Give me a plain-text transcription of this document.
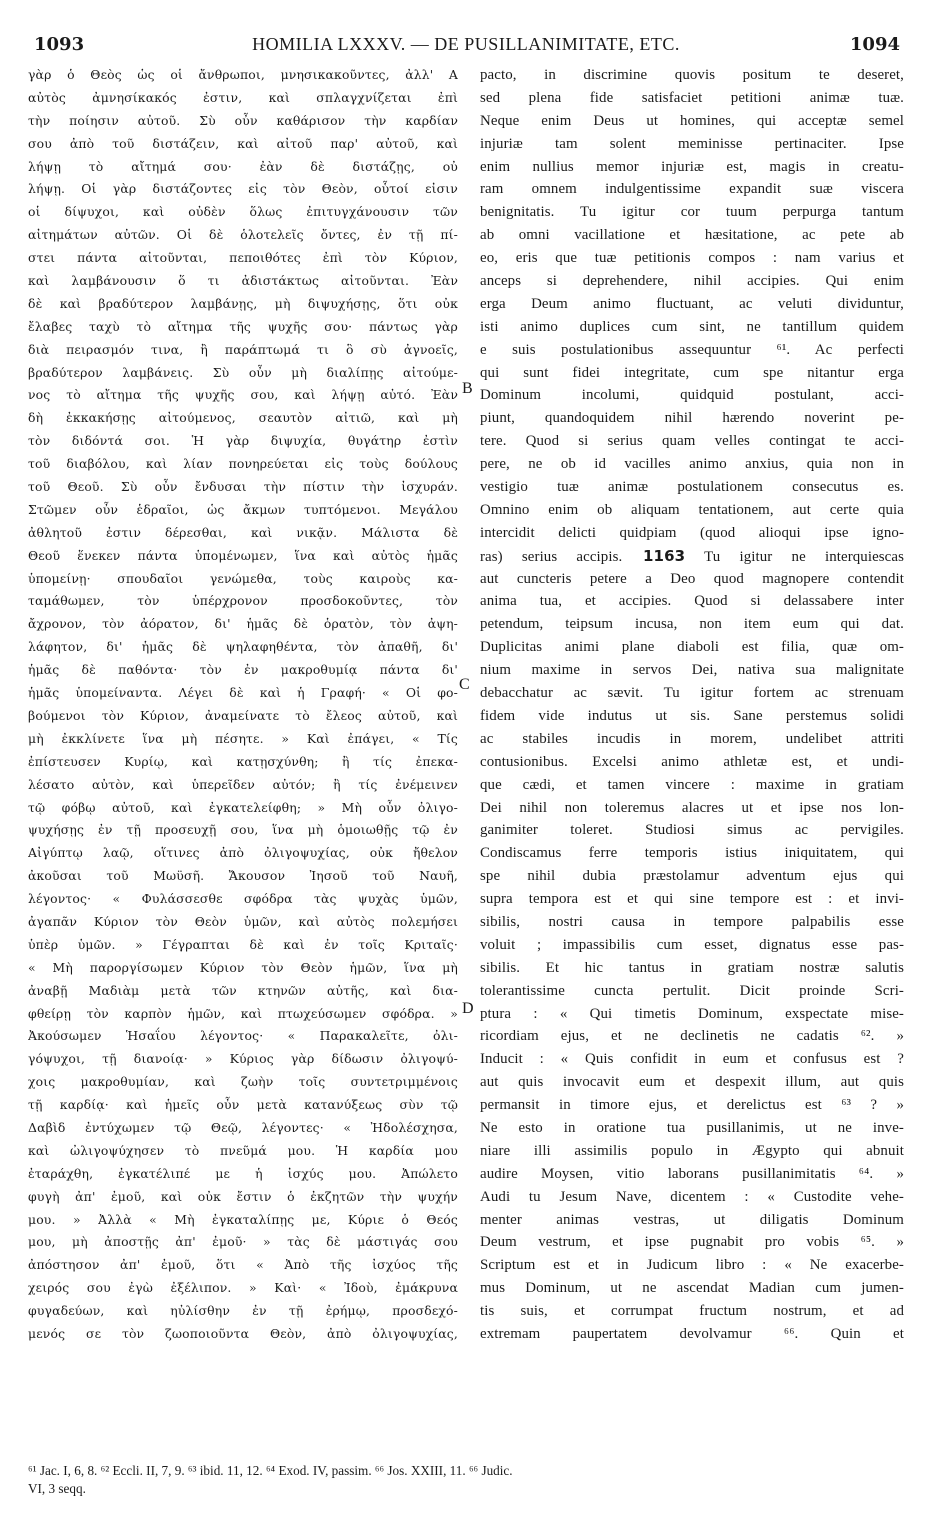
1093	HOMILIA LXXXV. — DE PUSILLANIMITATE, ETC.	1094
γὰρ ὁ Θεὸς ὡς οἱ ἄνθρωποι, μνησικακοῦντες, ἀλλ' A
αὐτὸς ἀμνησίκακός ἐστιν, καὶ σπλαγχνίζεται ἐπὶ
τὴν ποίησιν αὐτοῦ. Σὺ οὖν καθάρισον τὴν καρδίαν
σου ἀπὸ τοῦ διστάζειν, καὶ αἰτοῦ παρ' αὐτοῦ, καὶ
λήψῃ τὸ αἴτημά σου· ἐὰν δὲ διστάζῃς, οὐ
λήψῃ. Οἱ γὰρ διστάζοντες εἰς τὸν Θεὸν, οὗτοί εἰσιν
οἱ δίψυχοι, καὶ οὐδὲν ὅλως ἐπιτυγχάνουσιν τῶν
αἰτημάτων αὐτῶν. Οἱ δὲ ὁλοτελεῖς ὄντες, ἐν τῇ πί-
στει πάντα αἰτοῦνται, πεποιθότες ἐπὶ τὸν Κύριον,
καὶ λαμβάνουσιν ὅ τι ἀδιστάκτως αἰτοῦνται. Ἐὰν
δὲ καὶ βραδύτερον λαμβάνῃς, μὴ διψυχήσῃς, ὅτι οὐκ
ἔλαβες ταχὺ τὸ αἴτημα τῆς ψυχῆς σου· πάντως γὰρ
διὰ πειρασμόν τινα, ἢ παράπτωμά τι ὃ σὺ ἀγνοεῖς,
βραδύτερον λαμβάνεις. Σὺ οὖν μὴ διαλίπῃς αἰτούμε-
νος τὸ αἴτημα τῆς ψυχῆς σου, καὶ λήψῃ αὐτό. Ἐὰν
δὴ ἐκκακήσῃς αἰτούμενος, σεαυτὸν αἰτιῶ, καὶ μὴ
τὸν διδόντά σοι. Ἡ γὰρ διψυχία, θυγάτηρ ἐστὶν
τοῦ διαβόλου, καὶ λίαν πονηρεύεται εἰς τοὺς δούλους
τοῦ Θεοῦ. Σὺ οὖν ἔνδυσαι τὴν πίστιν τὴν ἰσχυράν.
Στῶμεν οὖν ἑδραῖοι, ὡς ἄκμων τυπτόμενοι. Μεγάλου
ἀθλητοῦ ἐστιν δέρεσθαι, καὶ νικᾷν. Μάλιστα δὲ
Θεοῦ ἕνεκεν πάντα ὑπομένωμεν, ἵνα καὶ αὐτὸς ἡμᾶς
ὑπομείνῃ· σπουδαῖοι γενώμεθα, τοὺς καιροὺς κα-
ταμάθωμεν, τὸν ὑπέρχρονον προσδοκοῦντες, τὸν
ἄχρονον, τὸν ἀόρατον, δι' ἡμᾶς δὲ ὁρατὸν, τὸν ἀψη-
λάφητον, δι' ἡμᾶς δὲ ψηλαφηθέντα, τὸν ἀπαθῆ, δι'
ἡμᾶς δὲ παθόντα· τὸν ἐν μακροθυμίᾳ πάντα δι'
ἡμᾶς ὑπομείναντα. Λέγει δὲ καὶ ἡ Γραφή· « Οἱ φο-
βούμενοι τὸν Κύριον, ἀναμείνατε τὸ ἔλεος αὐτοῦ, καὶ
μὴ ἐκκλίνετε ἵνα μὴ πέσητε. » Καὶ ἐπάγει, « Τίς
ἐπίστευσεν Κυρίῳ, καὶ κατῃσχύνθη; ἢ τίς ἐπεκα-
λέσατο αὐτὸν, καὶ ὑπερεῖδεν αὐτόν; ἢ τίς ἐνέμεινεν
τῷ φόβῳ αὐτοῦ, καὶ ἐγκατελείφθη; » Μὴ οὖν ὀλιγο-
ψυχήσῃς ἐν τῇ προσευχῇ σου, ἵνα μὴ ὁμοιωθῇς τῷ ἐν
Αἰγύπτῳ λαῷ, οἵτινες ἀπὸ ὀλιγοψυχίας, οὐκ ἤθελον
ἀκοῦσαι τοῦ Μωϋσῆ. Ἄκουσον Ἰησοῦ τοῦ Ναυῆ,
λέγοντος· « Φυλάσσεσθε σφόδρα τὰς ψυχὰς ὑμῶν,
ἀγαπᾶν Κύριον τὸν Θεὸν ὑμῶν, καὶ αὐτὸς πολεμήσει
ὑπὲρ ὑμῶν. » Γέγραπται δὲ καὶ ἐν τοῖς Κριταῖς·
« Μὴ παροργίσωμεν Κύριον τὸν Θεὸν ἡμῶν, ἵνα μὴ
ἀναβῇ Μαδιὰμ μετὰ τῶν κτηνῶν αὐτῆς, καὶ δια-
φθείρῃ τὸν καρπὸν ἡμῶν, καὶ πτωχεύσωμεν σφόδρα. »
Ἀκούσωμεν Ἡσαΐου λέγοντος· « Παρακαλεῖτε, ὀλι-
γόψυχοι, τῇ διανοίᾳ· » Κύριος γὰρ δίδωσιν ὀλιγοψύ-
χοις μακροθυμίαν, καὶ ζωὴν τοῖς συντετριμμένοις
τῇ καρδίᾳ· καὶ ἡμεῖς οὖν μετὰ κατανύξεως σὺν τῷ
Δαβὶδ ἐντύχωμεν τῷ Θεῷ, λέγοντες· « Ἠδολέσχησα,
καὶ ὠλιγοψύχησεν τὸ πνεῦμά μου. Ἡ καρδία μου
ἐταράχθη, ἐγκατέλιπέ με ἡ ἰσχύς μου. Ἀπώλετο
φυγὴ ἀπ' ἐμοῦ, καὶ οὐκ ἔστιν ὁ ἐκζητῶν τὴν ψυχήν
μου. » Ἀλλὰ « Μὴ ἐγκαταλίπῃς με, Κύριε ὁ Θεός
μου, μὴ ἀποστῇς ἀπ' ἐμοῦ· » τὰς δὲ μάστιγάς σου
ἀπόστησον ἀπ' ἐμοῦ, ὅτι « Ἀπὸ τῆς ἰσχύος τῆς
χειρός σου ἐγὼ ἐξέλιπον. » Καὶ· « Ἰδοὺ, ἐμάκρυνα
φυγαδεύων, καὶ ηὐλίσθην ἐν τῇ ἐρήμῳ, προσδεχό-
μενός σε τὸν ζωοποιοῦντα Θεὸν, ἀπὸ ὀλιγοψυχίας,
pacto, in discrimine quovis positum te deseret,
sed plena fide satisfaciet petitioni animæ tuæ.
Neque enim Deus ut homines, qui acceptæ semel
injuriæ tam solent meminisse pertinaciter. Ipse
enim nullius memor injuriæ est, magis in creatu-
ram omnem indulgentissime expandit suæ viscera
benignitatis. Tu igitur cor tuum perpurga tantum
ab omni vacillatione et hæsitatione, ac pete ab
eo, eris que tuæ petitionis compos : nam varius et
anceps si deprehendere, nihil accipies. Qui enim
erga Deum animo fluctuant, ac veluti dividuntur,
isti animo duplices cum sint, ne tantillum quidem
e suis postulationibus assequuntur ⁶¹. Ac perfecti
qui sunt fidei integritate, cum spe nitantur erga
Dominum incolumi, quidquid postulant, acci-
piunt, quandoquidem nihil hærendo noverint pe-
tere. Quod si serius quam velles contingat te acci-
pere, ne ob id vacilles animo anxius, quia non in
vestigio tuæ animæ postulationem consecutus es.
Omnino enim ob aliquam tentationem, aut certe quia
intercidit delicti quidpiam (quod alioqui ipse igno-
ras) serius accipis. 1163 Tu igitur ne interquiescas
aut cuncteris petere a Deo quod magnopere contendit
anima tua, et accipies. Quod si delassabere inter
petendum, teipsum incusa, non item eum qui dat.
Duplicitas animi plane diaboli est filia, quæ om-
nium maxime in servos Dei, nativa sua malignitate
debacchatur ac sævit. Tu igitur fortem ac strenuam
fidem vide indutus ut sis. Sane perstemus solidi
ac stabiles incudis in morem, undelibet attriti
contusionibus. Excelsi animo athletæ est, et undi-
que cædi, et tamen vincere : maxime in gratiam
Dei nihil non toleremus alacres ut et ipse nos lon-
ganimiter toleret. Studiosi simus ac pervigiles.
Condiscamus ferre temporis istius iniquitatem, qui
spe nihil dubia præstolamur adventum ejus qui
supra tempora est et qui sine tempore est : et invi-
sibilis, nostri causa in tempore palpabilis esse
voluit ; impassibilis cum esset, dignatus esse pas-
sibilis. Et hic tantus in gratiam nostræ salutis
tolerantissime cuncta pertulit. Dicit proinde Scri-
ptura : « Qui timetis Dominum, exspectate mise-
ricordiam ejus, et ne declinetis ne cadatis ⁶². »
Inducit : « Quis confidit in eum et confusus est ?
aut quis invocavit eum et despexit illum, aut quis
permansit in timore ejus, et derelictus est ⁶³ ? »
Ne esto in oratione tua pusillanimis, ut ne inve-
niare illi assimilis populo in Ægypto qui abnuit
audire Moysen, vitio laborans pusillanimitatis ⁶⁴. »
Audi tu Jesum Nave, dicentem : « Custodite vehe-
menter animas vestras, ut diligatis Dominum
Deum vestrum, et ipse pugnabit pro vobis ⁶⁵. »
Scriptum est et in Judicum libro : « Ne exacerbe-
mus Dominum, ut ne ascendat Madian cum jumen-
tis suis, et corrumpat fructum nostrum, et ad
extremam paupertatem devolvamur ⁶⁶. Quin et
B
C
D
⁶¹ Jac. I, 6, 8. ⁶² Eccli. II, 7, 9. ⁶³ ibid. 11, 12. ⁶⁴ Exod. IV, passim. ⁶⁶ Jos. XXIII, 11. ⁶⁶ Judic.
VI, 3 seqq.
